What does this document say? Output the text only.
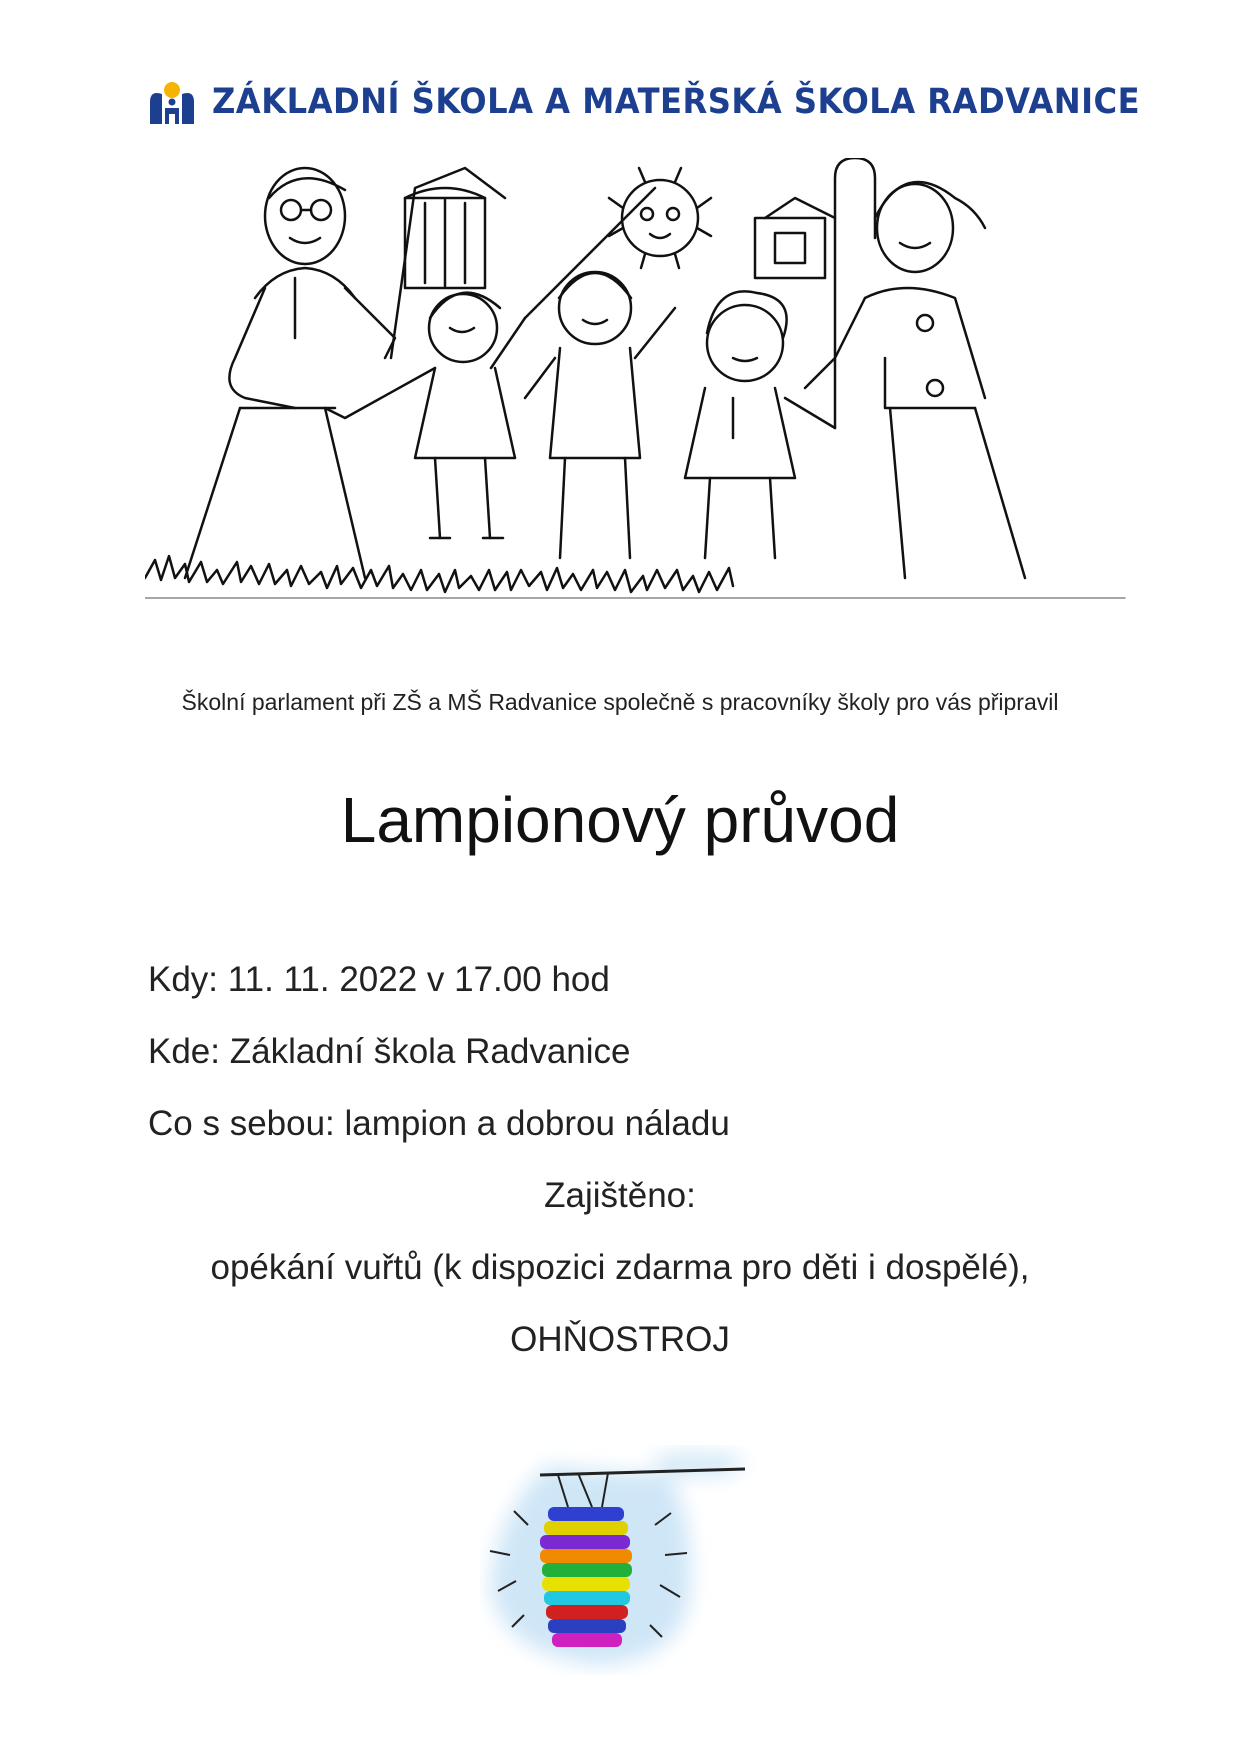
ZÁKLADNÍ ŠKOLA A MATEŘSKÁ ŠKOLA RADVANICE
Školní parlament při ZŠ a MŠ Radvanice společně s pracovníky školy pro vás připravil
Lampionový průvod
Kdy: 11. 11. 2022 v 17.00 hod
Kde: Základní škola Radvanice
Co s sebou: lampion a dobrou náladu
Zajištěno:
opékání vuřtů (k dispozici zdarma pro děti i dospělé),
OHŇOSTROJ
